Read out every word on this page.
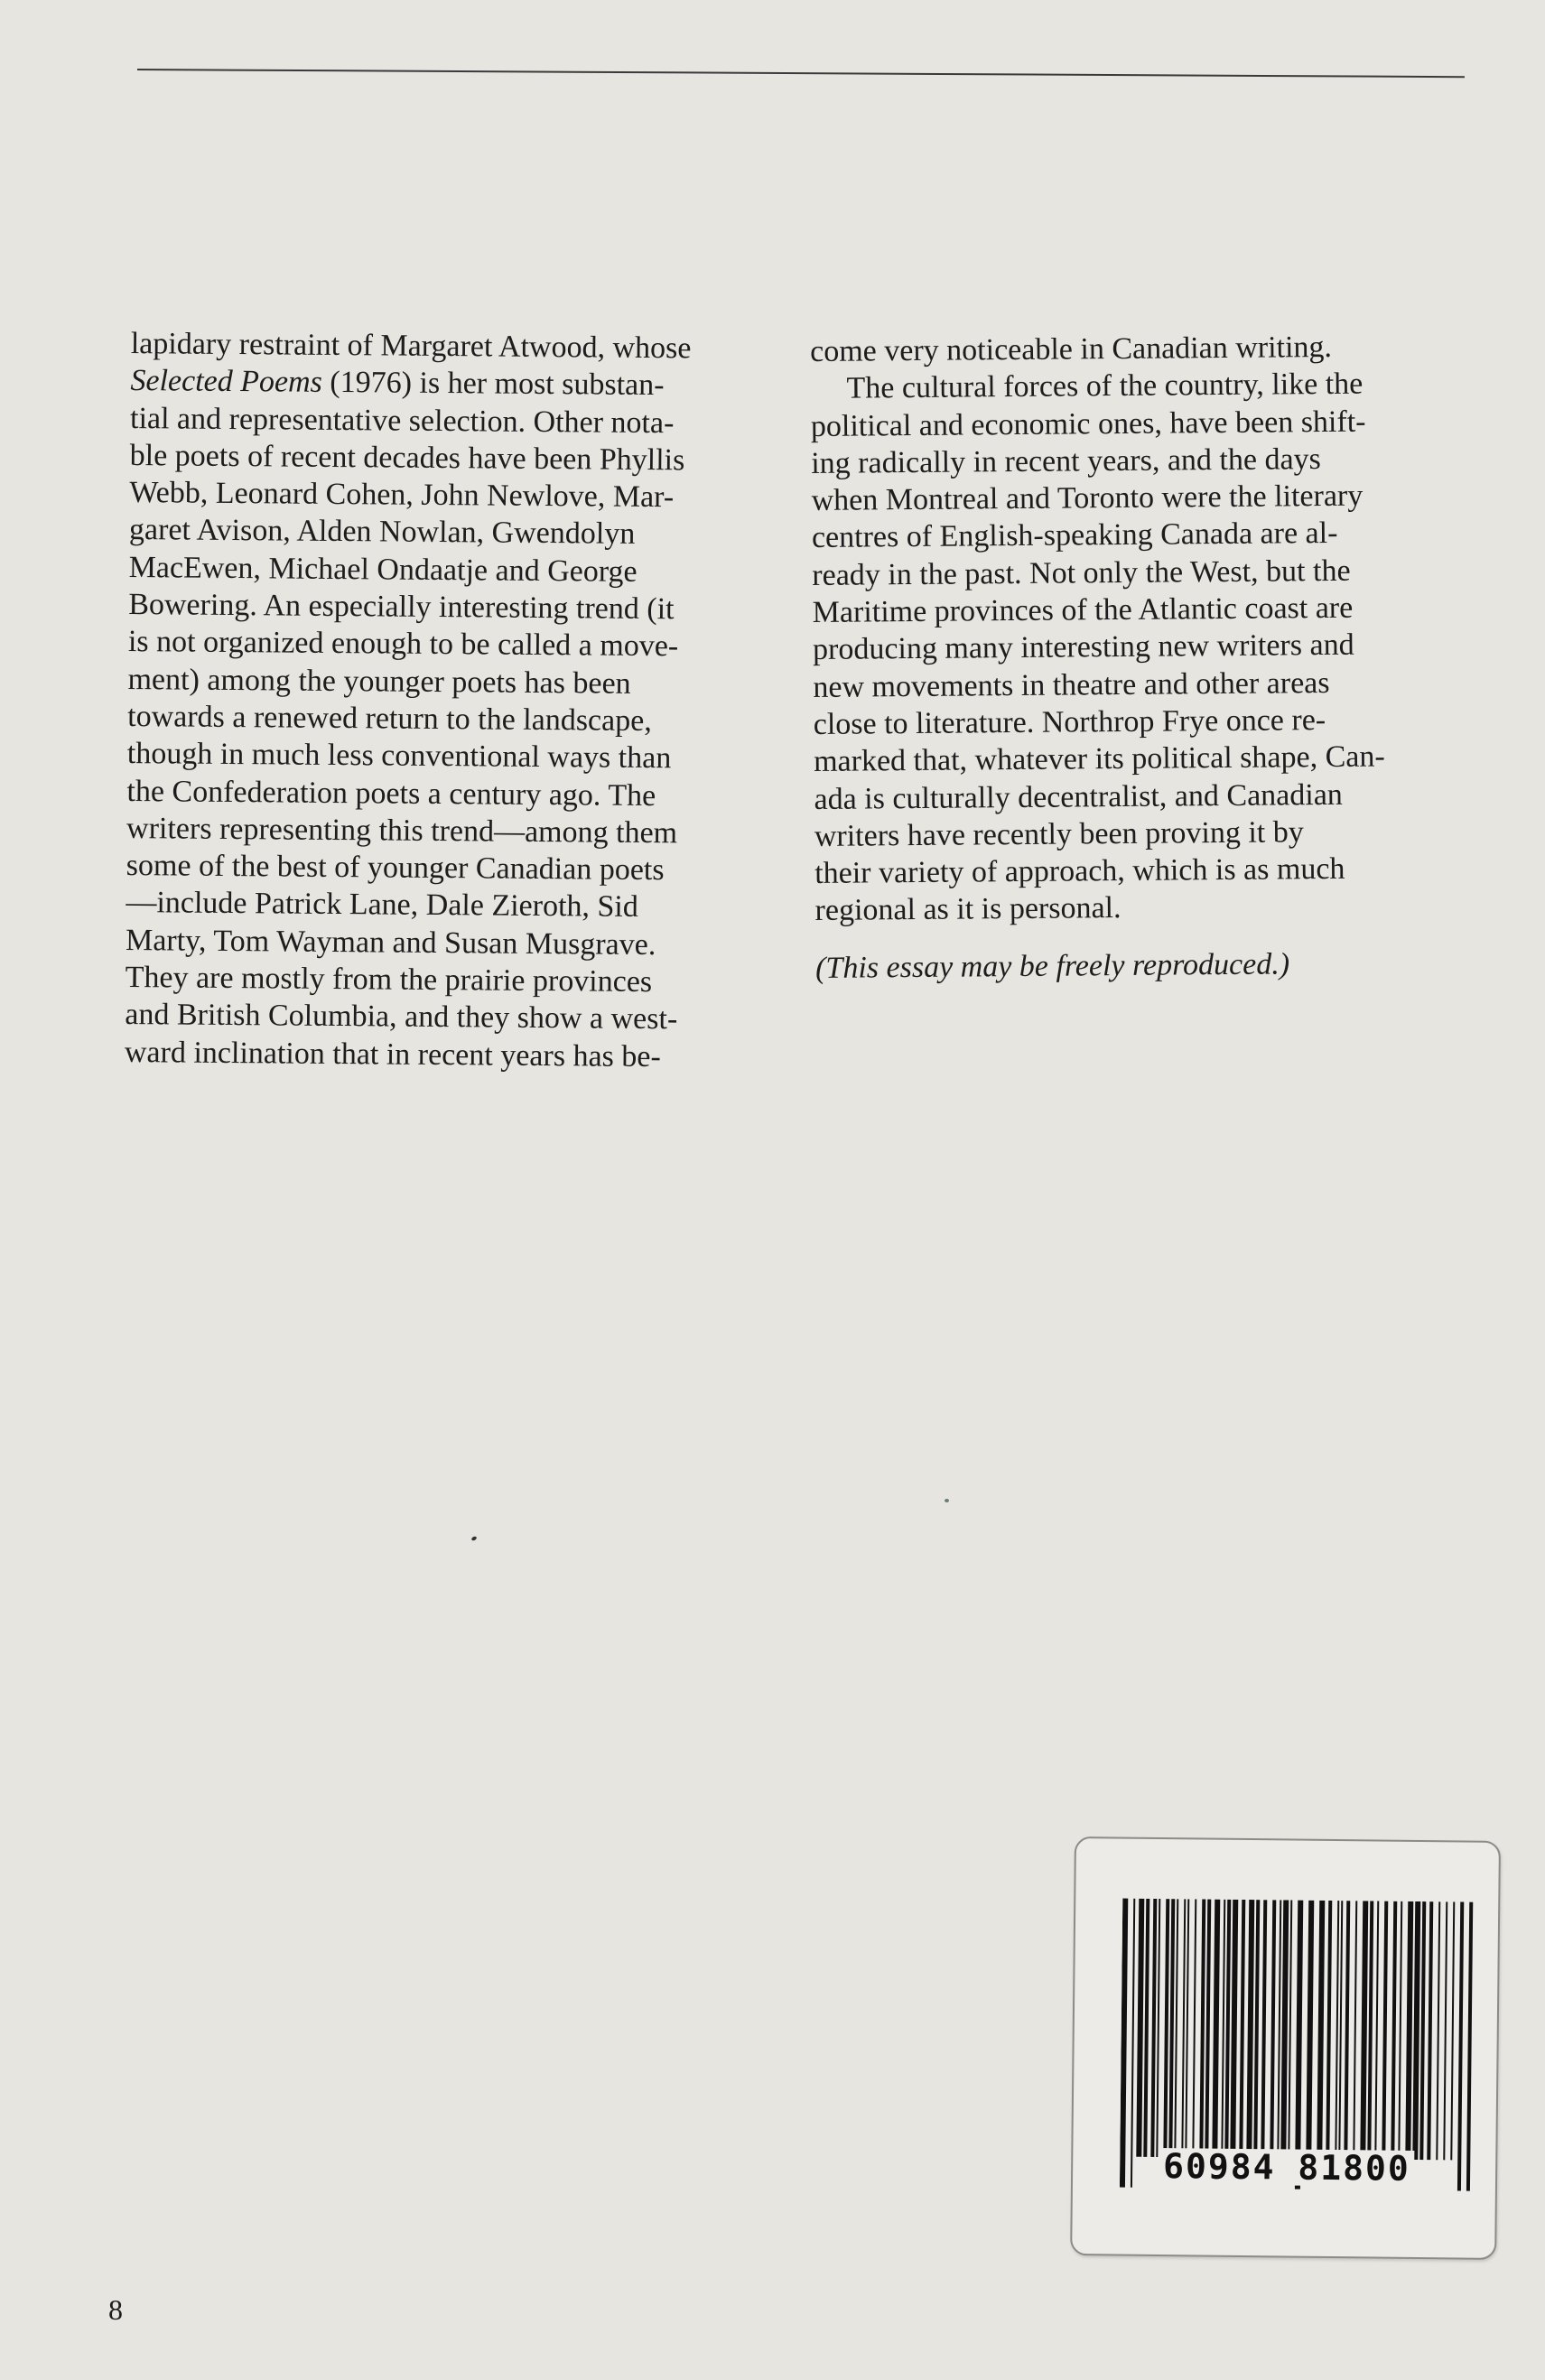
lapidary restraint of Margaret Atwood, whose
Selected Poems (1976) is her most substan-
tial and representative selection. Other nota-
ble poets of recent decades have been Phyllis
Webb, Leonard Cohen, John Newlove, Mar-
garet Avison, Alden Nowlan, Gwendolyn
MacEwen, Michael Ondaatje and George
Bowering. An especially interesting trend (it
is not organized enough to be called a move-
ment) among the younger poets has been
towards a renewed return to the landscape,
though in much less conventional ways than
the Confederation poets a century ago. The
writers representing this trend—among them
some of the best of younger Canadian poets
—include Patrick Lane, Dale Zieroth, Sid
Marty, Tom Wayman and Susan Musgrave.
They are mostly from the prairie provinces
and British Columbia, and they show a west-
ward inclination that in recent years has be-
come very noticeable in Canadian writing.
The cultural forces of the country, like the
political and economic ones, have been shift-
ing radically in recent years, and the days
when Montreal and Toronto were the literary
centres of English-speaking Canada are al-
ready in the past. Not only the West, but the
Maritime provinces of the Atlantic coast are
producing many interesting new writers and
new movements in theatre and other areas
close to literature. Northrop Frye once re-
marked that, whatever its political shape, Can-
ada is culturally decentralist, and Canadian
writers have recently been proving it by
their variety of approach, which is as much
regional as it is personal.
(This essay may be freely reproduced.)
60984 81800
8
